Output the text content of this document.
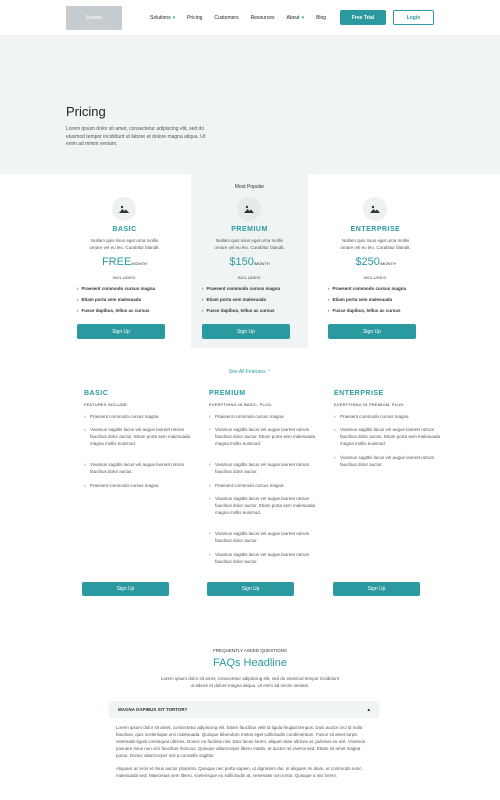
Envato	Solutions ▾ Pricing Customers Resources About ▾ Blog	Free Trial	Login
Pricing

Lorem ipsum dolor sit amet, consectetur adipiscing elit, sed do eiusmod tempor incididunt ut labore et dolore magna aliqua. Ut enim ad minim veniam.

BASIC
Nullam quis risus eget urna mollis ornare vel eu leo. Curabitur blandit.
FREE/MONTH
INCLUDES:
› Praesent commodo cursus magna
› Etiam porta sem malesuada
› Fusce dapibus, tellus ac cursus
Sign Up
Most Popular
PREMIUM
Nullam quis risus eget urna mollis ornare vel eu leo. Curabitur blandit.
$150/MONTH
INCLUDES:
› Praesent commodo cursus magna
› Etiam porta sem malesuada
› Fusce dapibus, tellus ac cursus
Sign Up
ENTERPRISE
Nullam quis risus eget urna mollis ornare vel eu leo. Curabitur blandit.
$250/MONTH
INCLUDES:
› Praesent commodo cursus magna
› Etiam porta sem malesuada
› Fusce dapibus, tellus ac cursus
Sign Up
See All Features ⌃
BASIC
FEATURES INCLUDE:
› Praesent commodo cursus magna
› Vivamus sagittis lacus vel augue laoreet rutrum faucibus dolor auctor. Etiam porta sem malesuada magna mollis euismod.
› Vivamus sagittis lacus vel augue laoreet rutrum faucibus dolor auctor.
› Praesent commodo cursus magna
PREMIUM
EVERYTHING IN BASIC, PLUS:
› Praesent commodo cursus magna
› Vivamus sagittis lacus vel augue laoreet rutrum faucibus dolor auctor. Etiam porta sem malesuada magna mollis euismod.
› Vivamus sagittis lacus vel augue laoreet rutrum faucibus dolor auctor.
› Praesent commodo cursus magna
› Vivamus sagittis lacus vel augue laoreet rutrum faucibus dolor auctor. Etiam porta sem malesuada magna mollis euismod.
› Vivamus sagittis lacus vel augue laoreet rutrum faucibus dolor auctor.
› Vivamus sagittis lacus vel augue laoreet rutrum faucibus dolor auctor.
ENTERPRISE
EVERYTHING IN PREMIUM, PLUS:
› Praesent commodo cursus magna
› Vivamus sagittis lacus vel augue laoreet rutrum faucibus dolor auctor. Etiam porta sem malesuada magna mollis euismod.
› Vivamus sagittis lacus vel augue laoreet rutrum faucibus dolor auctor.
Sign Up	Sign Up	Sign Up
FREQUENTLY ASKED QUESTIONS
FAQs Headline
Lorem ipsum dolor sit amet, consectetur adipiscing elit, sed do eiusmod tempor incididunt ut labore et dolore magna aliqua. Ut enim ad minim veniam.
MAGNA DAPIBUS SIT TORTOR?	▴

Lorem ipsum dolor sit amet, consectetur adipiscing elit. Etiam faucibus velit id ligula feugiat tempus. Duis auctor orci id nulla faucibus, quis scelerisque orci malesuada. Quisque bibendum metus eget sollicitudin condimentum. Fusce sit amet turpis venenatis ligula consequat ultrices. Donec eu facilisis nisi. Duis lacus lorem, aliquet vitae ultrices at, pulvinar eu nisl. Vivamus posuere risus non orci faucibus rhoncus. Quisque ullamcorper libero mattis, et auctor mi viverra sed. Etiam sit amet magna purus. Donec ullamcorper nisl a convallis sagittis.

Aliquam ac eros et risus auctor pharetra. Quisque nec porta sapien, ut dignissim dui. In aliquam mi diam, et commodo nunc malesuada sed. Maecenas sem libero, scelerisque eu sollicitudin at, venenatis non tortor. Quisque a nisi lorem.
